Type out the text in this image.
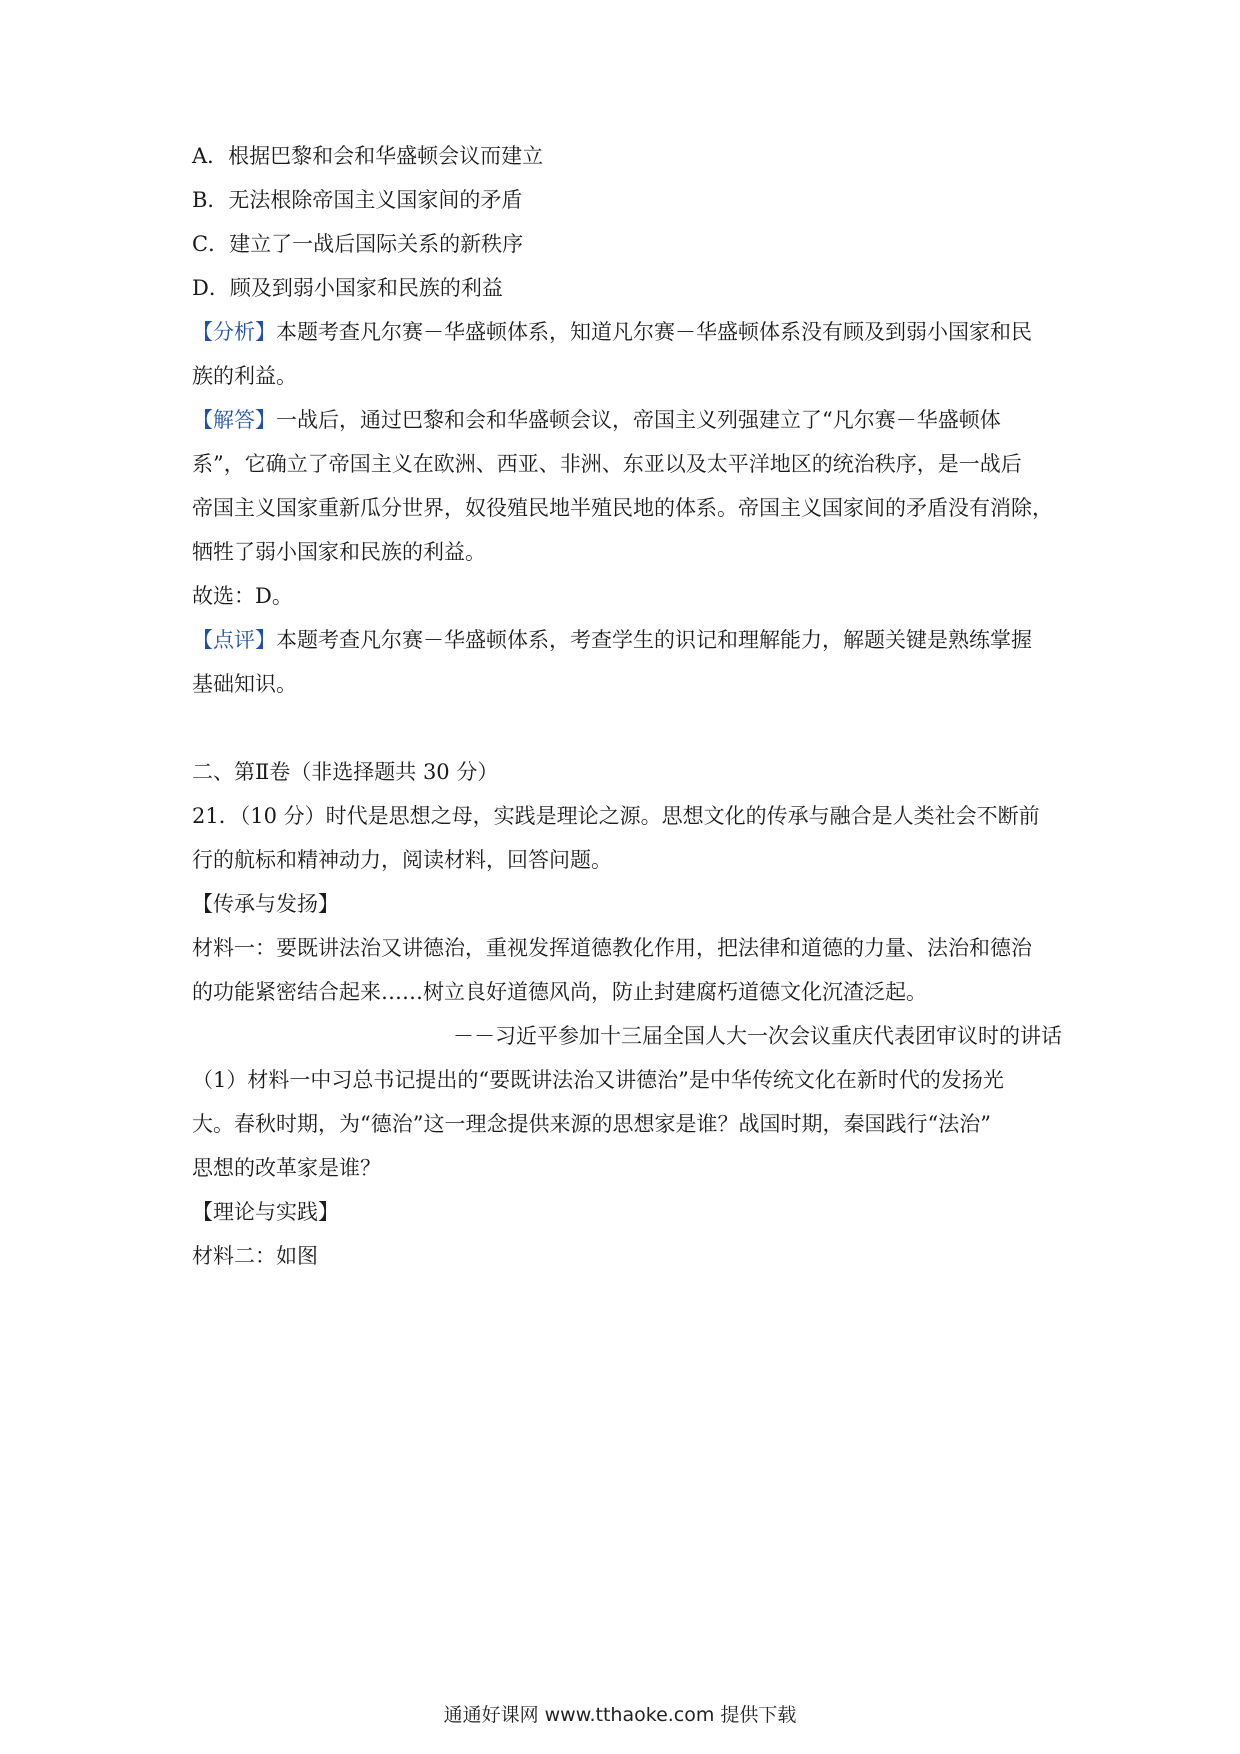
A．根据巴黎和会和华盛顿会议而建立
B．无法根除帝国主义国家间的矛盾
C．建立了一战后国际关系的新秩序
D．顾及到弱小国家和民族的利益
【分析】本题考查凡尔赛－华盛顿体系，知道凡尔赛－华盛顿体系没有顾及到弱小国家和民
族的利益。
【解答】一战后，通过巴黎和会和华盛顿会议，帝国主义列强建立了“凡尔赛－华盛顿体
系”，它确立了帝国主义在欧洲、西亚、非洲、东亚以及太平洋地区的统治秩序，是一战后
帝国主义国家重新瓜分世界，奴役殖民地半殖民地的体系。帝国主义国家间的矛盾没有消除，
牺牲了弱小国家和民族的利益。
故选：D。
【点评】本题考查凡尔赛－华盛顿体系，考查学生的识记和理解能力，解题关键是熟练掌握
基础知识。
二、第Ⅱ卷（非选择题共 30 分）
21．（10 分）时代是思想之母，实践是理论之源。思想文化的传承与融合是人类社会不断前
行的航标和精神动力，阅读材料，回答问题。
【传承与发扬】
材料一：要既讲法治又讲德治，重视发挥道德教化作用，把法律和道德的力量、法治和德治
的功能紧密结合起来……树立良好道德风尚，防止封建腐朽道德文化沉渣泛起。
－－习近平参加十三届全国人大一次会议重庆代表团审议时的讲话
（1）材料一中习总书记提出的“要既讲法治又讲德治”是中华传统文化在新时代的发扬光
大。春秋时期，为“德治”这一理念提供来源的思想家是谁？战国时期，秦国践行“法治”
思想的改革家是谁？
【理论与实践】
材料二：如图
通通好课网 www.tthaoke.com 提供下载
